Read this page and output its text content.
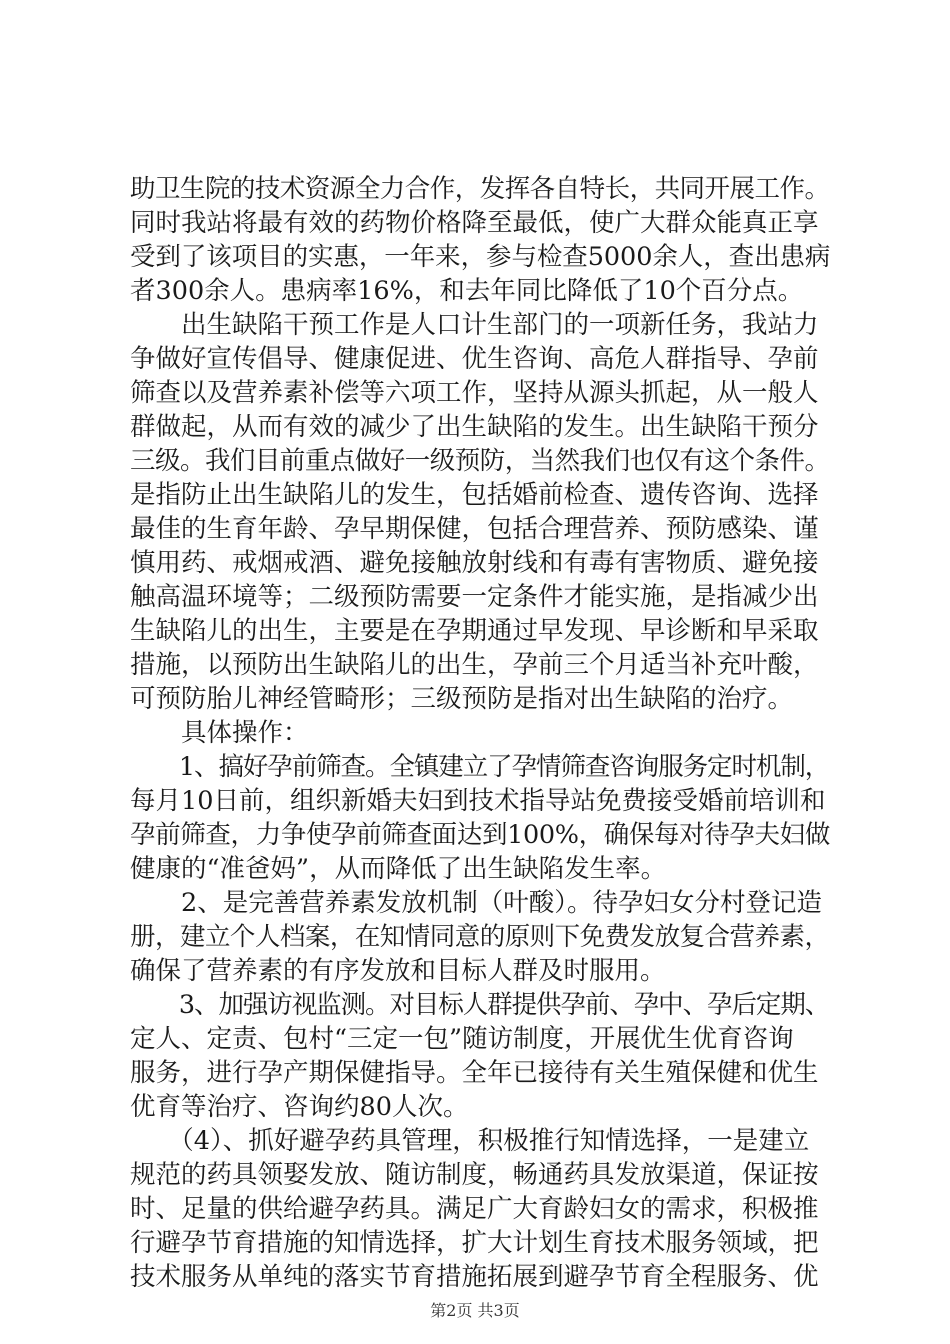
助卫生院的技术资源全力合作，发挥各自特长，共同开展工作。
同时我站将最有效的药物价格降至最低，使广大群众能真正享
受到了该项目的实惠，一年来，参与检查5000余人，查出患病
者300余人。患病率16%，和去年同比降低了10个百分点。
　　出生缺陷干预工作是人口计生部门的一项新任务，我站力
争做好宣传倡导、健康促进、优生咨询、高危人群指导、孕前
筛查以及营养素补偿等六项工作，坚持从源头抓起，从一般人
群做起，从而有效的减少了出生缺陷的发生。出生缺陷干预分
三级。我们目前重点做好一级预防，当然我们也仅有这个条件。
是指防止出生缺陷儿的发生，包括婚前检查、遗传咨询、选择
最佳的生育年龄、孕早期保健，包括合理营养、预防感染、谨
慎用药、戒烟戒酒、避免接触放射线和有毒有害物质、避免接
触高温环境等；二级预防需要一定条件才能实施，是指减少出
生缺陷儿的出生，主要是在孕期通过早发现、早诊断和早采取
措施，以预防出生缺陷儿的出生，孕前三个月适当补充叶酸，
可预防胎儿神经管畸形；三级预防是指对出生缺陷的治疗。
　　具体操作：
　　1、搞好孕前筛查。全镇建立了孕情筛查咨询服务定时机制，
每月10日前，组织新婚夫妇到技术指导站免费接受婚前培训和
孕前筛查，力争使孕前筛查面达到100%，确保每对待孕夫妇做
健康的“准爸妈”，从而降低了出生缺陷发生率。
　　2、是完善营养素发放机制（叶酸）。待孕妇女分村登记造
册，建立个人档案，在知情同意的原则下免费发放复合营养素，
确保了营养素的有序发放和目标人群及时服用。
　　3、加强访视监测。对目标人群提供孕前、孕中、孕后定期、
定人、定责、包村“三定一包”随访制度，开展优生优育咨询
服务，进行孕产期保健指导。全年已接待有关生殖保健和优生
优育等治疗、咨询约80人次。
　　（4）、抓好避孕药具管理，积极推行知情选择，一是建立
规范的药具领娶发放、随访制度，畅通药具发放渠道，保证按
时、足量的供给避孕药具。满足广大育龄妇女的需求，积极推
行避孕节育措施的知情选择，扩大计划生育技术服务领域，把
技术服务从单纯的落实节育措施拓展到避孕节育全程服务、优
第2页 共3页
